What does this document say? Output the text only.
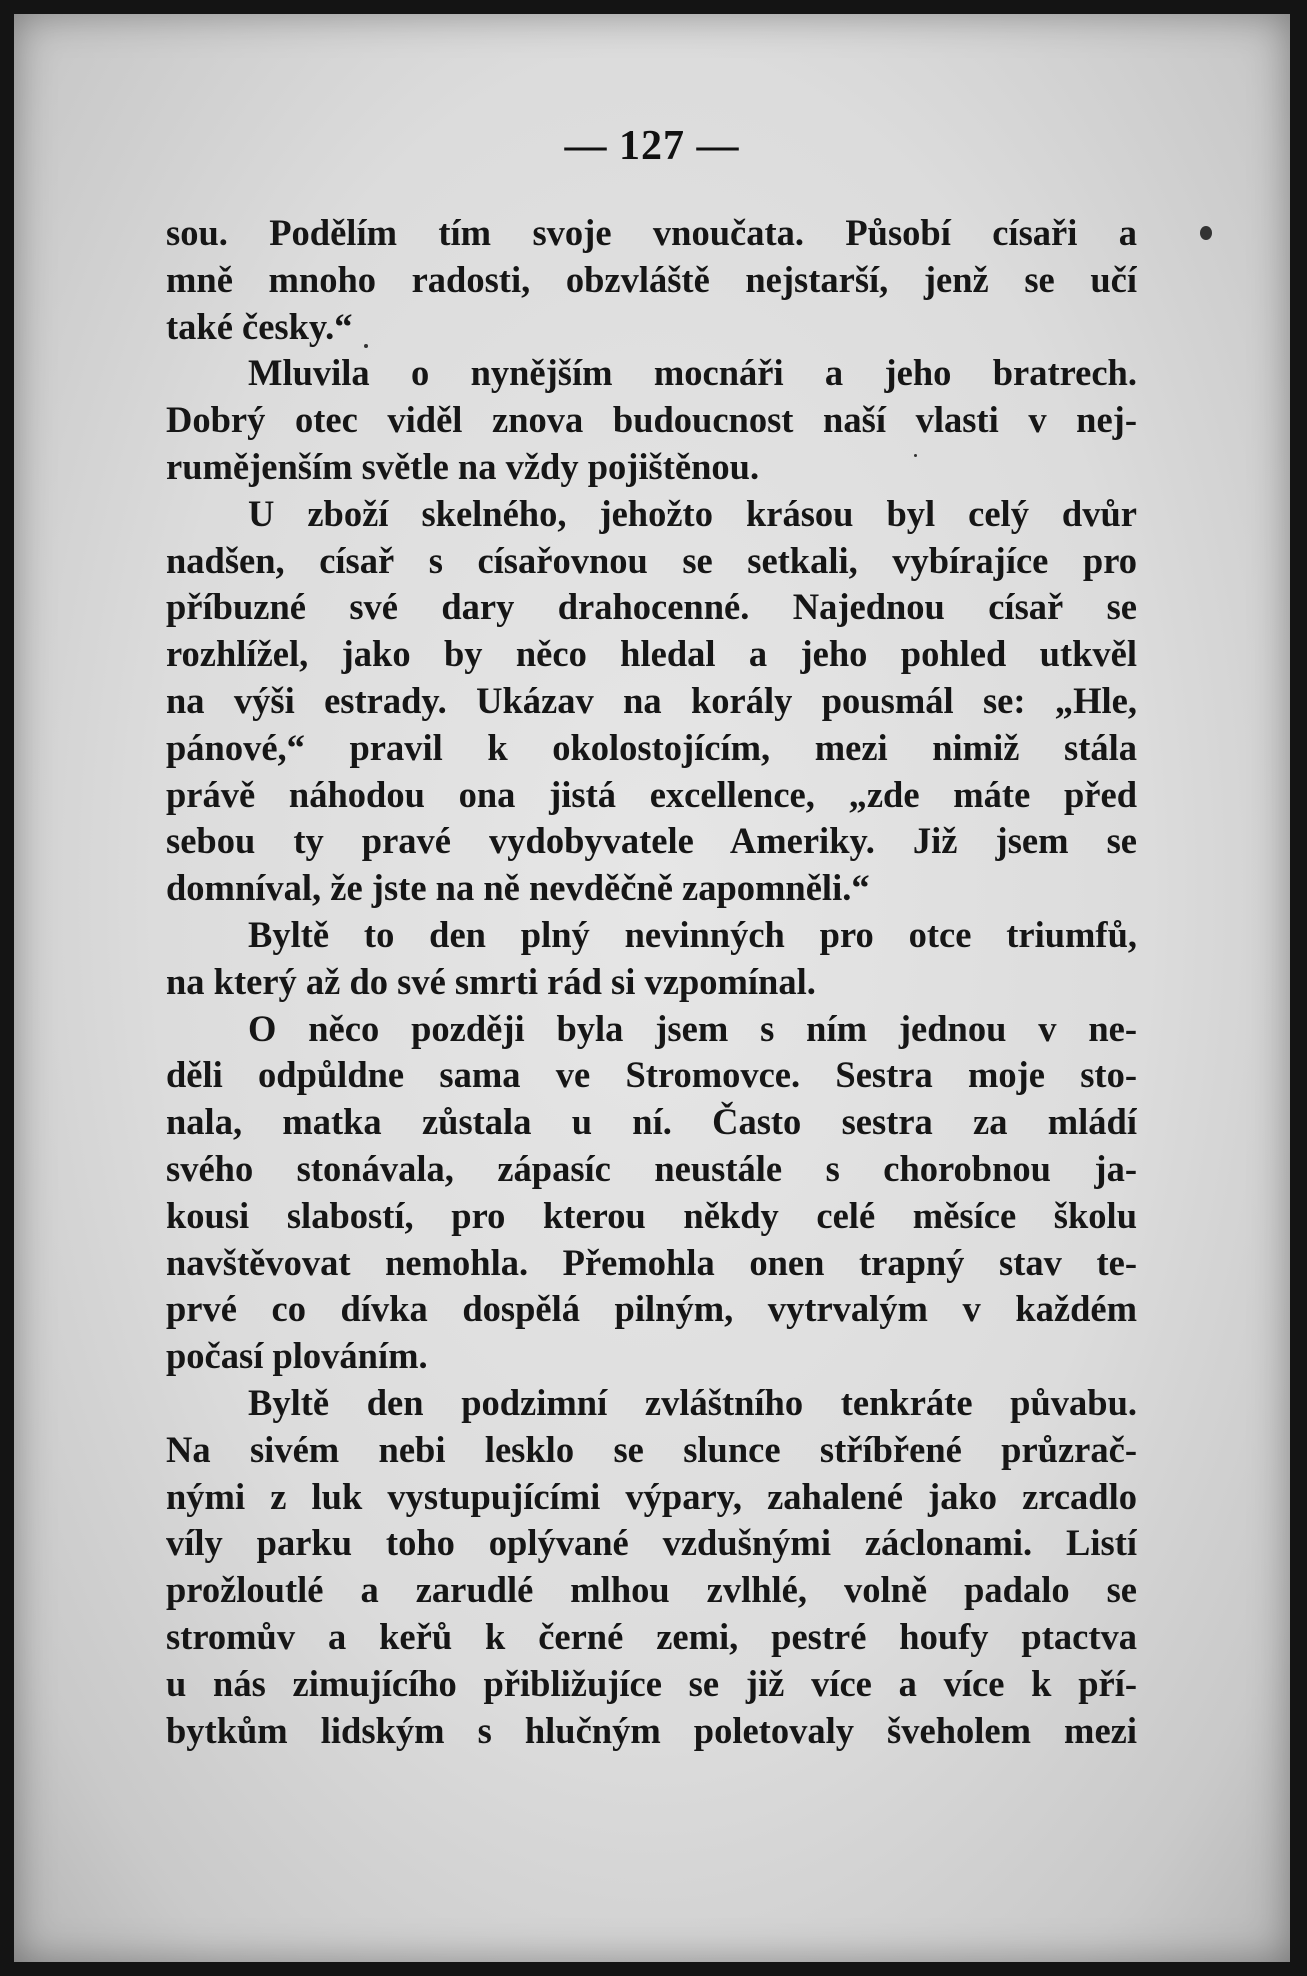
— 127 —
sou. Podělím tím svoje vnoučata. Působí císaři a
mně mnoho radosti, obzvláště nejstarší, jenž se učí
také česky.“
Mluvila o nynějším mocnáři a jeho bratrech.
Dobrý otec viděl znova budoucnost naší vlasti v nej-
rumějenším světle na vždy pojištěnou.
U zboží skelného, jehožto krásou byl celý dvůr
nadšen, císař s císařovnou se setkali, vybírajíce pro
příbuzné své dary drahocenné. Najednou císař se
rozhlížel, jako by něco hledal a jeho pohled utkvěl
na výši estrady. Ukázav na korály pousmál se: „Hle,
pánové,“ pravil k okolostojícím, mezi nimiž stála
právě náhodou ona jistá excellence, „zde máte před
sebou ty pravé vydobyvatele Ameriky. Již jsem se
domníval, že jste na ně nevděčně zapomněli.“
Byltě to den plný nevinných pro otce triumfů,
na který až do své smrti rád si vzpomínal.
O něco později byla jsem s ním jednou v ne-
děli odpůldne sama ve Stromovce. Sestra moje sto-
nala, matka zůstala u ní. Často sestra za mládí
svého stonávala, zápasíc neustále s chorobnou ja-
kousi slabostí, pro kterou někdy celé měsíce školu
navštěvovat nemohla. Přemohla onen trapný stav te-
prvé co dívka dospělá pilným, vytrvalým v každém
počasí plováním.
Byltě den podzimní zvláštního tenkráte půvabu.
Na sivém nebi lesklo se slunce stříbřené průzrač-
nými z luk vystupujícími výpary, zahalené jako zrcadlo
víly parku toho oplývané vzdušnými záclonami. Listí
prožloutlé a zarudlé mlhou zvlhlé, volně padalo se
stromův a keřů k černé zemi, pestré houfy ptactva
u nás zimujícího přibližujíce se již více a více k pří-
bytkům lidským s hlučným poletovaly šveholem mezi
